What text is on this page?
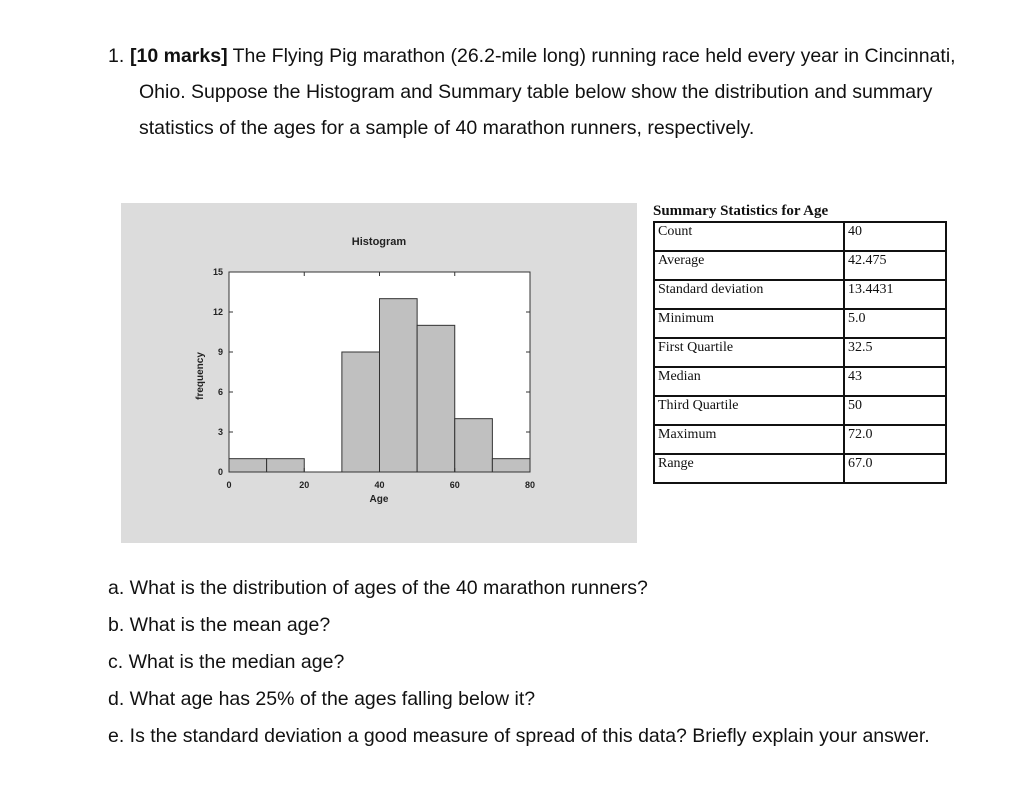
1. [10 marks] The Flying Pig marathon (26.2-mile long) running race held every year in Cincinnati,
Ohio. Suppose the Histogram and Summary table below show the distribution and summary
statistics of the ages for a sample of 40 marathon runners, respectively.
Histogram
Age
frequency
0	20	40	60	80
0
3
6
9
12
15
Summary Statistics for Age
Count	40
Average	42.475
Standard deviation	13.4431
Minimum	5.0
First Quartile	32.5
Median	43
Third Quartile	50
Maximum	72.0
Range	67.0
a. What is the distribution of ages of the 40 marathon runners?
b. What is the mean age?
c. What is the median age?
d. What age has 25% of the ages falling below it?
e. Is the standard deviation a good measure of spread of this data? Briefly explain your answer.
